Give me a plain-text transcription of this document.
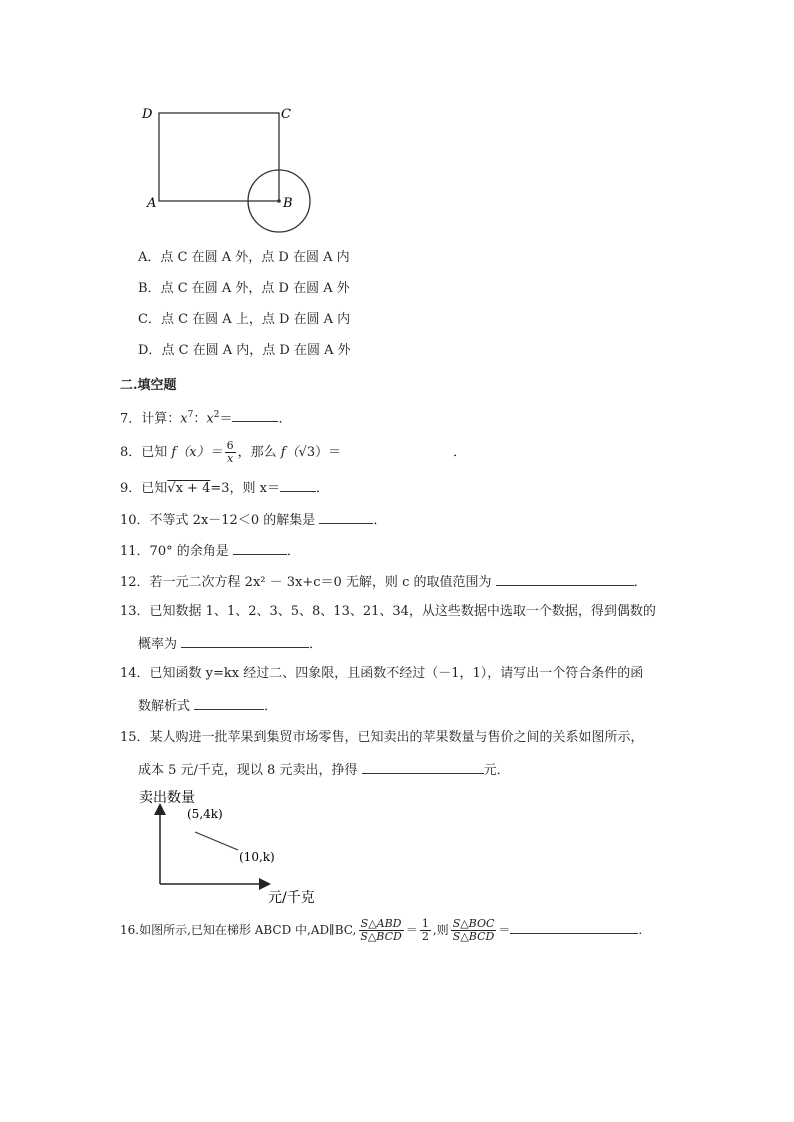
D	C
A	B
A．点 C 在圆 A 外，点 D 在圆 A 内
B．点 C 在圆 A 外，点 D 在圆 A 外
C．点 C 在圆 A 上，点 D 在圆 A 内
D．点 C 在圆 A 内，点 D 在圆 A 外
二.填空题
7．计算：$x^7$：$x^2=$	．
8．已知 $f(x)= \frac{6}{x}$ ，那么 f（√3）＝	．
9．已知√x + 4=3，则 x＝	．
10．不等式 2x－12＜0 的解集是	．
11．70° 的余角是	．
12．若一元二次方程 2x² － 3x+c＝0 无解，则 c 的取值范围为	．
13．已知数据 1、1、2、3、5、8、13、21、34，从这些数据中选取一个数据，得到偶数的
概率为	．
14．已知函数 y=kx 经过二、四象限，且函数不经过（－1，1），请写出一个符合条件的函
数解析式	．
15．某人购进一批苹果到集贸市场零售，已知卖出的苹果数量与售价之间的关系如图所示，
成本 5 元/千克，现以 8 元卖出，挣得	元．
卖出数量
(5,4k)
(10,k)
元/千克
16.如图所示,已知在梯形 ABCD 中,AD∥BC, $\frac{\text{S△ABD}}{\text{S△BCD}} = \frac{1}{2}$ ,则 $\frac{\text{S△BOC}}{\text{S△BCD}}$ ＝	.
